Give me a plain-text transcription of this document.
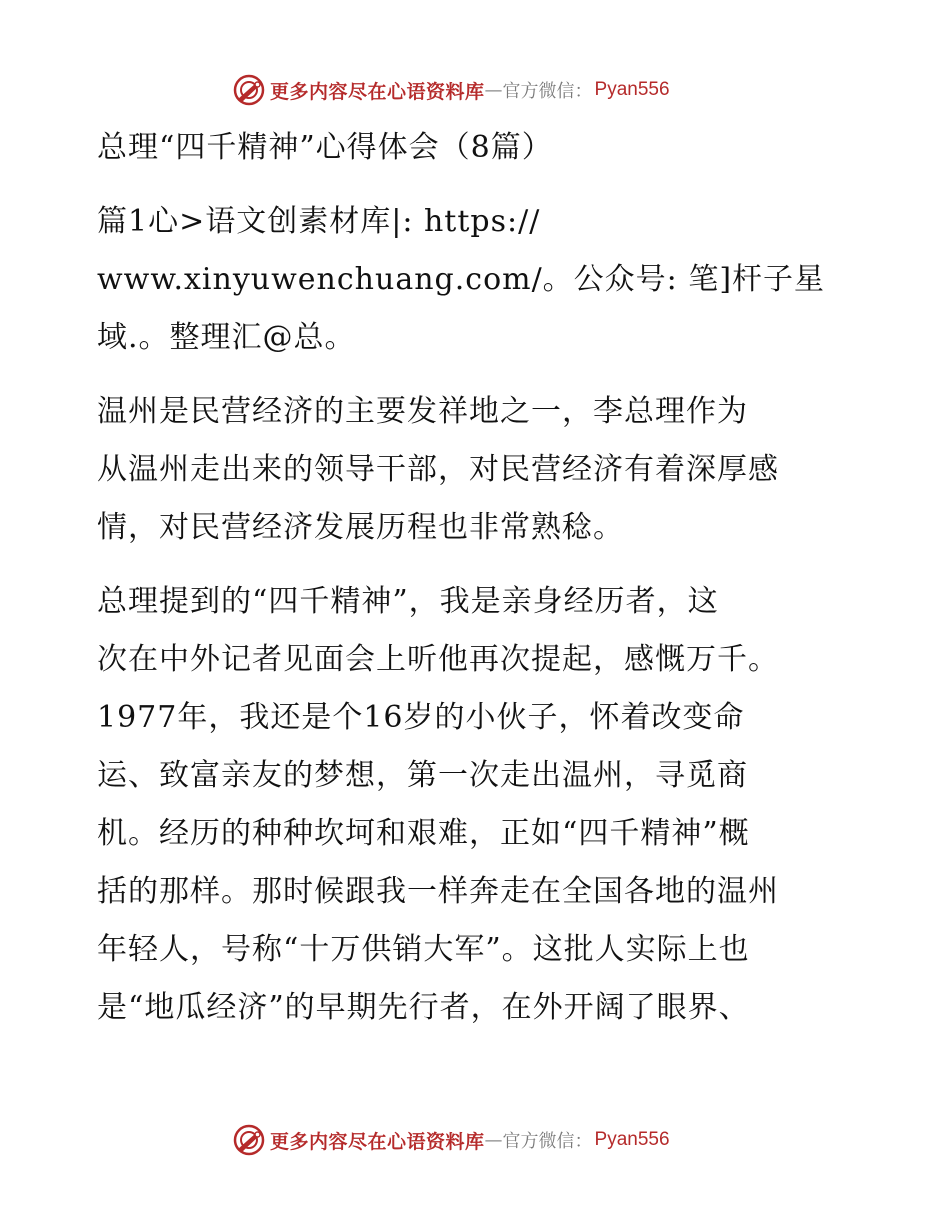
更多内容尽在心语资料库 — 官方微信： Pyan556

总理“四千精神”心得体会（8篇）

篇1心>语文创素材库|: https://

www.xinyuwenchuang.com/。公众号: 笔]杆子星

域.。整理汇@总。

温州是民营经济的主要发祥地之一，李总理作为

从温州走出来的领导干部，对民营经济有着深厚感

情，对民营经济发展历程也非常熟稔。

总理提到的“四千精神”，我是亲身经历者，这

次在中外记者见面会上听他再次提起，感慨万千。

1977年，我还是个16岁的小伙子，怀着改变命

运、致富亲友的梦想，第一次走出温州，寻觅商

机。经历的种种坎坷和艰难，正如“四千精神”概

括的那样。那时候跟我一样奔走在全国各地的温州

年轻人，号称“十万供销大军”。这批人实际上也

是“地瓜经济”的早期先行者，在外开阔了眼界、

更多内容尽在心语资料库 — 官方微信： Pyan556
